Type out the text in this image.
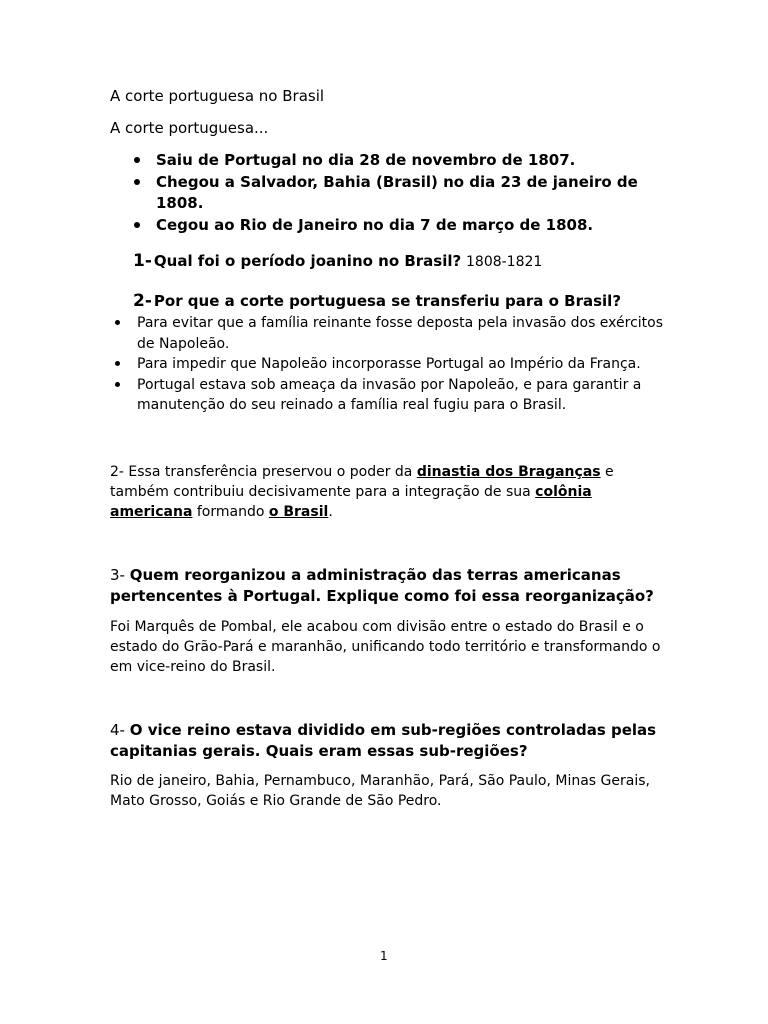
A corte portuguesa no Brasil
A corte portuguesa...
Saiu de Portugal no dia 28 de novembro de 1807.
Chegou a Salvador, Bahia (Brasil) no dia 23 de janeiro de 1808.
Cegou ao Rio de Janeiro no dia 7 de março de 1808.
1- Qual foi o período joanino no Brasil? 1808-1821
2- Por que a corte portuguesa se transferiu para o Brasil?
Para evitar que a família reinante fosse deposta pela invasão dos exércitos de Napoleão.
Para impedir que Napoleão incorporasse Portugal ao Império da França.
Portugal estava sob ameaça da invasão por Napoleão, e para garantir a manutenção do seu reinado a família real fugiu para o Brasil.
2- Essa transferência preservou o poder da dinastia dos Braganças e também contribuiu decisivamente para a integração de sua colônia americana formando o Brasil.
3- Quem reorganizou a administração das terras americanas pertencentes à Portugal. Explique como foi essa reorganização?
Foi Marquês de Pombal, ele acabou com divisão entre o estado do Brasil e o estado do Grão-Pará e maranhão, unificando todo território e transformando o em vice-reino do Brasil.
4- O vice reino estava dividido em sub-regiões controladas pelas capitanias gerais. Quais eram essas sub-regiões?
Rio de janeiro, Bahia, Pernambuco, Maranhão, Pará, São Paulo, Minas Gerais, Mato Grosso, Goiás e Rio Grande de São Pedro.
1
